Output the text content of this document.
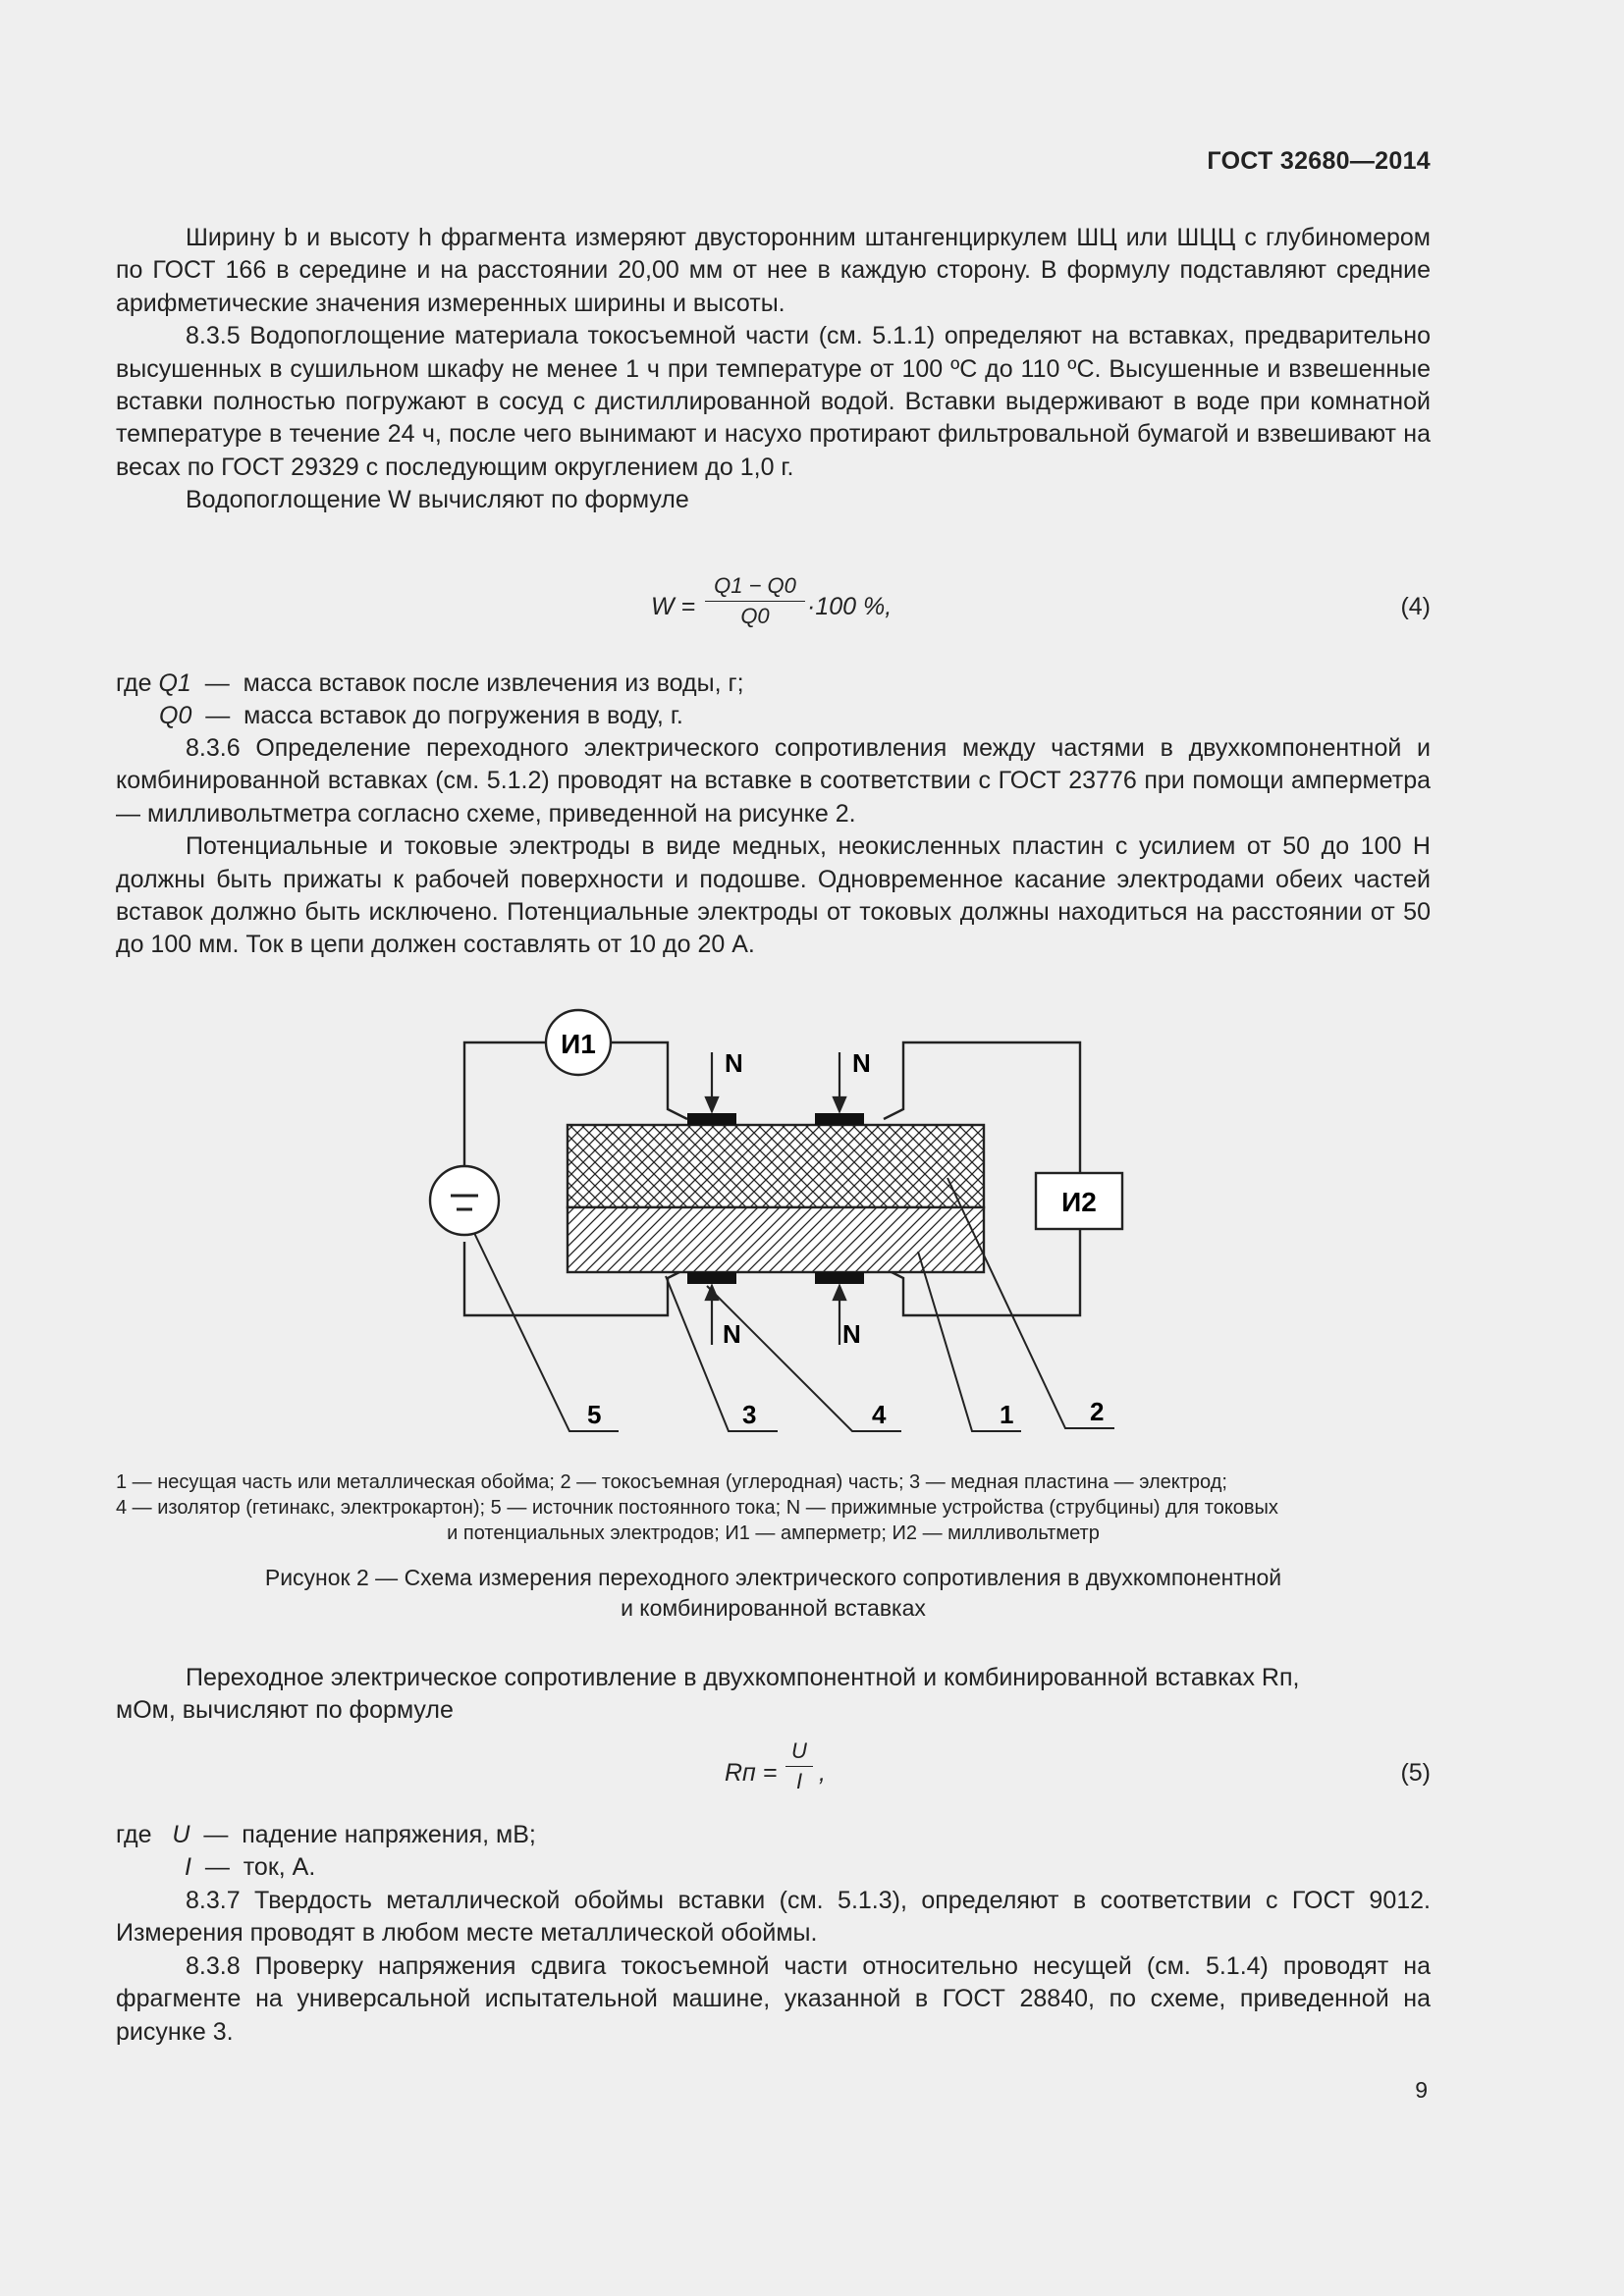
ГОСТ 32680—2014

Ширину b и высоту h фрагмента измеряют двусторонним штангенциркулем ШЦ или ШЦЦ с глубиномером по ГОСТ 166 в середине и на расстоянии 20,00 мм от нее в каждую сторону. В формулу подставляют средние арифметические значения измеренных ширины и высоты.

8.3.5 Водопоглощение материала токосъемной части (см. 5.1.1) определяют на вставках, предварительно высушенных в сушильном шкафу не менее 1 ч при температуре от 100 ºС до 110 ºС. Высушенные и взвешенные вставки полностью погружают в сосуд с дистиллированной водой. Вставки выдерживают в воде при комнатной температуре в течение 24 ч, после чего вынимают и насухо протирают фильтровальной бумагой и взвешивают на весах по ГОСТ 29329 с последующим округлением до 1,0 г.

Водопоглощение W вычисляют по формуле

W =
Q1 − Q0
Q0	·100 %,	(4)
где Q1 — масса вставок после извлечения из воды, г;
Q0 — масса вставок до погружения в воду, г.

8.3.6 Определение переходного электрического сопротивления между частями в двухкомпонентной и комбинированной вставках (см. 5.1.2) проводят на вставке в соответствии с ГОСТ 23776 при помощи амперметра — милливольтметра согласно схеме, приведенной на рисунке 2.

Потенциальные и токовые электроды в виде медных, неокисленных пластин с усилием от 50 до 100 Н должны быть прижаты к рабочей поверхности и подошве. Одновременное касание электродами обеих частей вставок должно быть исключено. Потенциальные электроды от токовых должны находиться на расстоянии от 50 до 100 мм. Ток в цепи должен составлять от 10 до 20 А.

И1
И2
N	N
N	N
5	3	4	1	2
1 — несущая часть или металлическая обойма; 2 — токосъемная (углеродная) часть; 3 — медная пластина — электрод;
4 — изолятор (гетинакс, электрокартон); 5 — источник постоянного тока; N — прижимные устройства (струбцины) для токовых
и потенциальных электродов; И1 — амперметр; И2 — милливольтметр
Рисунок 2 — Схема измерения переходного электрического сопротивления в двухкомпонентной
и комбинированной вставках

Переходное электрическое сопротивление в двухкомпонентной и комбинированной вставках Rп,

мОм, вычисляют по формуле

Rп =
U
I ,	(5)
где U — падение напряжения, мВ;
I — ток, А.

8.3.7 Твердость металлической обоймы вставки (см. 5.1.3), определяют в соответствии с ГОСТ 9012. Измерения проводят в любом месте металлической обоймы.

8.3.8 Проверку напряжения сдвига токосъемной части относительно несущей (см. 5.1.4) проводят на фрагменте на универсальной испытательной машине, указанной в ГОСТ 28840, по схеме, приведенной на рисунке 3.

9
